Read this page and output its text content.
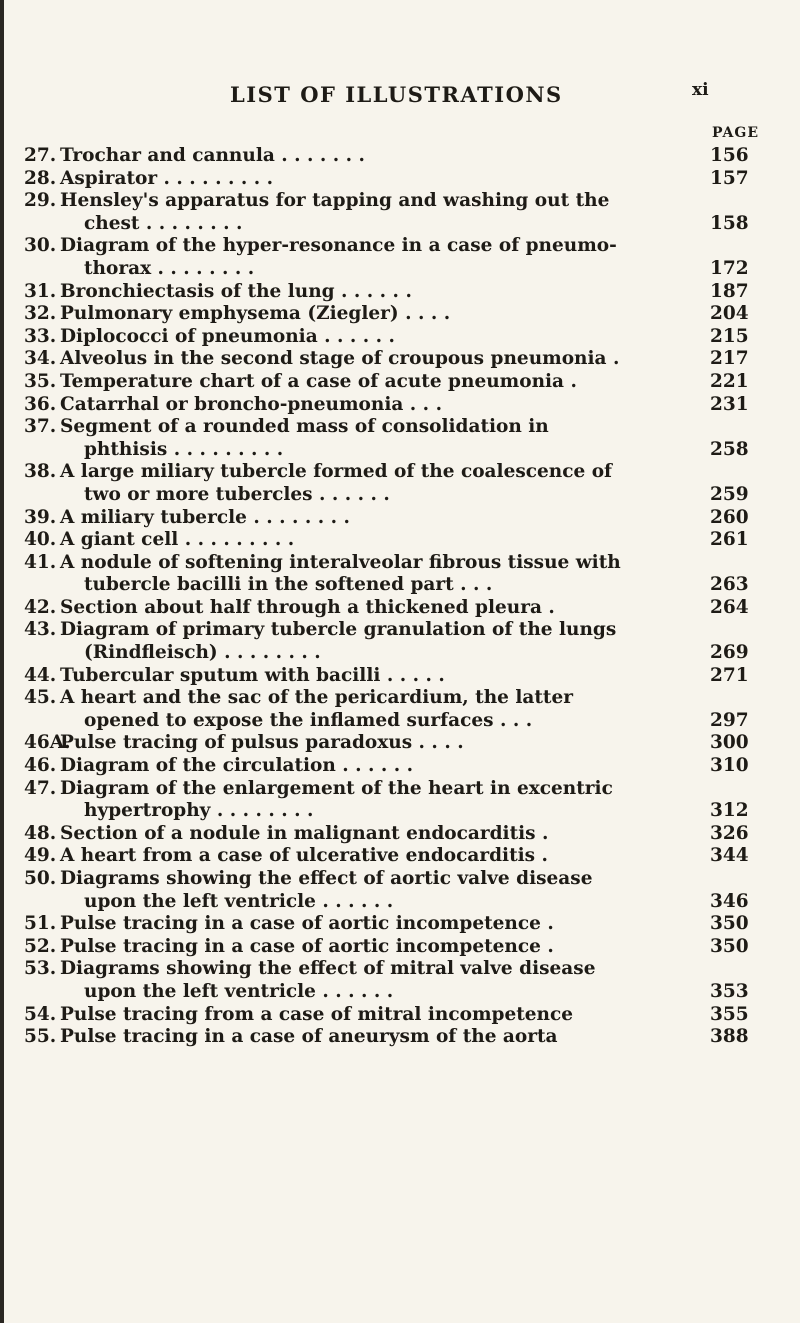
LIST OF ILLUSTRATIONS	xi
PAGE
27. Trochar and cannula . . . . . . .	156
28. Aspirator . . . . . . . . .	157
29. Hensley's apparatus for tapping and washing out the
chest . . . . . . . .	158
30. Diagram of the hyper-resonance in a case of pneumo-
thorax . . . . . . . .	172
31. Bronchiectasis of the lung . . . . . .	187
32. Pulmonary emphysema (Ziegler) . . . .	204
33. Diplococci of pneumonia . . . . . .	215
34. Alveolus in the second stage of croupous pneumonia .	217
35. Temperature chart of a case of acute pneumonia .	221
36. Catarrhal or broncho-pneumonia . . .	231
37. Segment of a rounded mass of consolidation in
phthisis . . . . . . . . .	258
38. A large miliary tubercle formed of the coalescence of
two or more tubercles . . . . . .	259
39. A miliary tubercle . . . . . . . .	260
40. A giant cell . . . . . . . . .	261
41. A nodule of softening interalveolar fibrous tissue with
tubercle bacilli in the softened part . . .	263
42. Section about half through a thickened pleura .	264
43. Diagram of primary tubercle granulation of the lungs
(Rindfleisch) . . . . . . . .	269
44. Tubercular sputum with bacilli . . . . .	271
45. A heart and the sac of the pericardium, the latter
opened to expose the inflamed surfaces . . .	297
46A.
Pulse tracing of pulsus paradoxus . . . .	300
46. Diagram of the circulation . . . . . .	310
47. Diagram of the enlargement of the heart in excentric
hypertrophy . . . . . . . .	312
48. Section of a nodule in malignant endocarditis .	326
49. A heart from a case of ulcerative endocarditis .	344
50. Diagrams showing the effect of aortic valve disease
upon the left ventricle . . . . . .	346
51. Pulse tracing in a case of aortic incompetence .	350
52. Pulse tracing in a case of aortic incompetence .	350
53. Diagrams showing the effect of mitral valve disease
upon the left ventricle . . . . . .	353
54. Pulse tracing from a case of mitral incompetence	355
55. Pulse tracing in a case of aneurysm of the aorta	388
